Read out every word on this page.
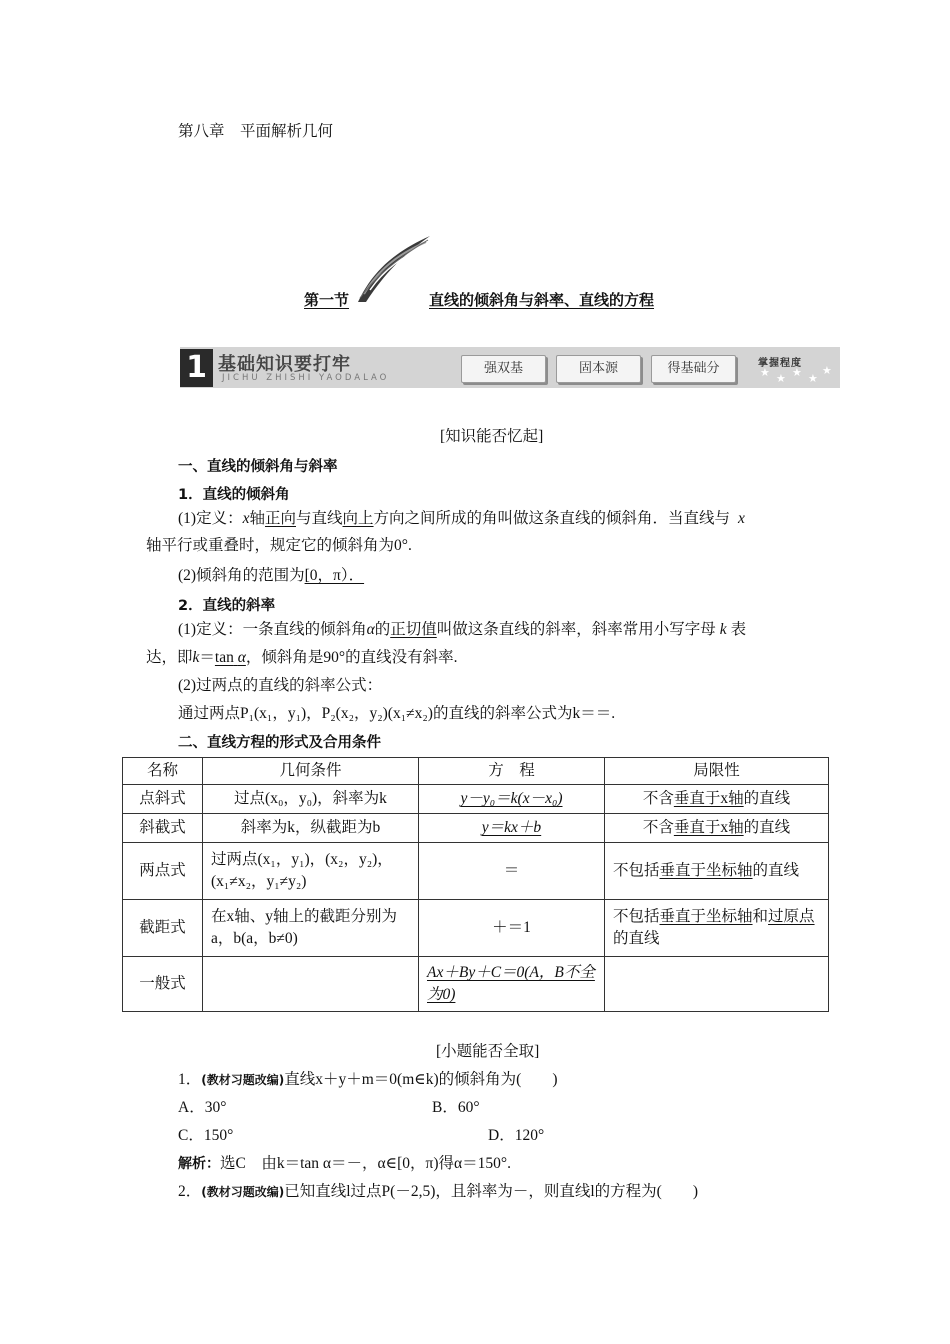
第八章　平面解析几何
第一节	直线的倾斜角与斜率、直线的方程
1 基础知识要打牢
JICHU ZHISHI YAODALAO
强双基	固本源	得基础分	掌握程度
★ ★ ★ ★
★
[知识能否忆起]
一、直线的倾斜角与斜率
1．直线的倾斜角
(1)定义：x轴正向与直线向上方向之间所成的角叫做这条直线的倾斜角．当直线与 x
轴平行或重叠时，规定它的倾斜角为0°.
(2)倾斜角的范围为[0，π）．
2．直线的斜率
(1)定义：一条直线的倾斜角α的正切值叫做这条直线的斜率，斜率常用小写字母 k 表
达，即k＝tan α，倾斜角是90°的直线没有斜率.
(2)过两点的直线的斜率公式：
通过两点P₁(x₁，y₁)，P₂(x₂，y₂)(x₁≠x₂)的直线的斜率公式为k＝＝.
二、直线方程的形式及合用条件
名称	几何条件	方　程	局限性
点斜式	过点(x₀，y₀)，斜率为k	y－y₀＝k(x－x₀)	不含垂直于x轴的直线
斜截式	斜率为k，纵截距为b	y＝kx＋b	不含垂直于x轴的直线
两点式	过两点(x₁，y₁)，(x₂，y₂)，(x₁≠x₂，y₁≠y₂)	＝	不包括垂直于坐标轴的直线
截距式	在x轴、y轴上的截距分别为a，b(a，b≠0)	＋＝1	不包括垂直于坐标轴和过原点的直线
一般式		Ax＋By＋C＝0(A，B不全为0)	
[小题能否全取]
1．(教材习题改编)直线x＋y＋m＝0(m∈k)的倾斜角为(　　)
A．30°	B．60°
C．150°	D．120°
解析：选C　由k＝tan α＝－，α∈[0，π)得α＝150°.
2．(教材习题改编)已知直线l过点P(－2,5)，且斜率为－，则直线l的方程为(　　)
